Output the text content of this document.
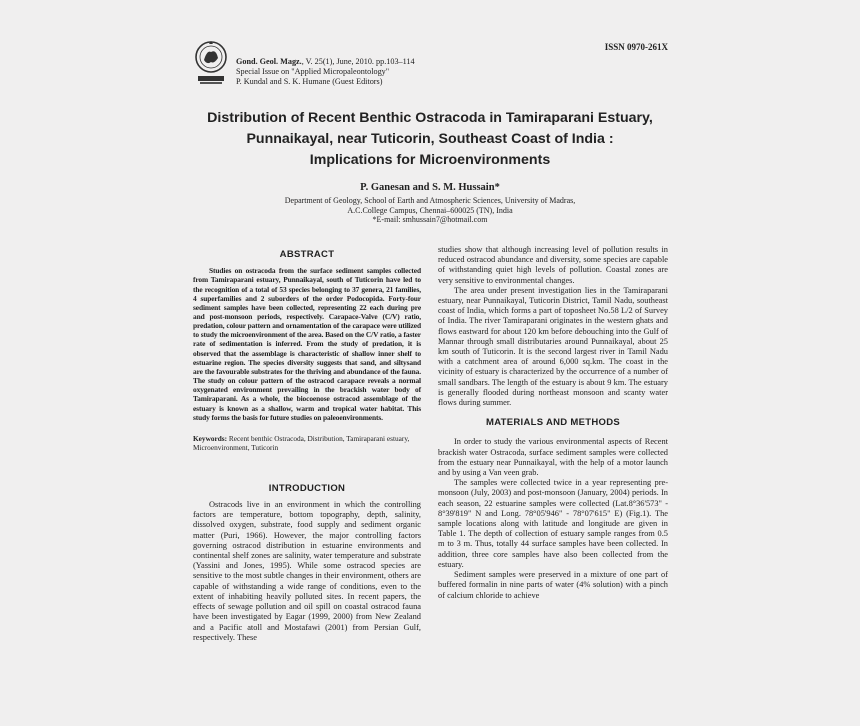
ISSN 0970-261X
Gond. Geol. Magz., V. 25(1), June, 2010. pp.103–114
Special Issue on "Applied Micropaleontology"
P. Kundal and S. K. Humane (Guest Editors)
Distribution of Recent Benthic Ostracoda in Tamiraparani Estuary,
Punnaikayal, near Tuticorin, Southeast Coast of India :
Implications for Microenvironments
P. Ganesan and S. M. Hussain*
Department of Geology, School of Earth and Atmospheric Sciences, University of Madras,
A.C.College Campus, Chennai–600025 (TN), India
*E-mail: smhussain7@hotmail.com
ABSTRACT

Studies on ostracoda from the surface sediment samples collected from Tamiraparani estuary, Punnaikayal, south of Tuticorin have led to the recognition of a total of 53 species belonging to 37 genera, 21 families, 4 superfamilies and 2 suborders of the order Podocopida. Forty-four sediment samples have been collected, representing 22 each during pre and post-monsoon periods, respectively. Carapace-Valve (C/V) ratio, predation, colour pattern and ornamentation of the carapace were utilized to study the microenvironment of the area. Based on the C/V ratio, a faster rate of sedimentation is inferred. From the study of predation, it is observed that the assemblage is characteristic of shallow inner shelf to estuarine region. The species diversity suggests that sand, and siltysand are the favourable substrates for the thriving and abundance of the fauna. The study on colour pattern of the ostracod carapace reveals a normal oxygenated environment prevailing in the brackish water body of Tamiraparani. As a whole, the biocoenose ostracod assemblage of the estuary is known as a shallow, warm and tropical water habitat. This study forms the basis for future studies on paleoenvironments.

Keywords: Recent benthic Ostracoda, Distribution, Tamiraparani estuary, Microenvironment, Tuticorin

INTRODUCTION

Ostracods live in an environment in which the controlling factors are temperature, bottom topography, depth, salinity, dissolved oxygen, substrate, food supply and sediment organic matter (Puri, 1966). However, the major controlling factors governing ostracod distribution in estuarine environments and continental shelf zones are salinity, water temperature and substrate (Yassini and Jones, 1995). While some ostracod species are sensitive to the most subtle changes in their environment, others are capable of withstanding a wide range of conditions, even to the extent of inhabiting heavily polluted sites. In recent papers, the effects of sewage pollution and oil spill on coastal ostracod fauna have been investigated by Eagar (1999, 2000) from New Zealand and a Pacific atoll and Mostafawi (2001) from Persian Gulf, respectively. These

studies show that although increasing level of pollution results in reduced ostracod abundance and diversity, some species are capable of withstanding quiet high levels of pollution. Coastal zones are very sensitive to environmental changes.

The area under present investigation lies in the Tamiraparani estuary, near Punnaikayal, Tuticorin District, Tamil Nadu, southeast coast of India, which forms a part of toposheet No.58 L/2 of Survey of India. The river Tamiraparani originates in the western ghats and flows eastward for about 120 km before debouching into the Gulf of Mannar through small distributaries around Punnaikayal, about 25 km south of Tuticorin. It is the second largest river in Tamil Nadu with a catchment area of around 6,000 sq.km. The coast in the vicinity of estuary is characterized by the occurrence of a number of small sandbars. The length of the estuary is about 9 km. The estuary is generally flooded during northeast monsoon and scanty water flows during summer.

MATERIALS AND METHODS

In order to study the various environmental aspects of Recent brackish water Ostracoda, surface sediment samples were collected from the estuary near Punnaikayal, with the help of a motor launch and by using a Van veen grab.

The samples were collected twice in a year representing pre-monsoon (July, 2003) and post-monsoon (January, 2004) periods. In each season, 22 estuarine samples were collected (Lat.8°36'573" - 8°39'819" N and Long. 78°05'946" - 78°07'615" E) (Fig.1). The sample locations along with latitude and longitude are given in Table 1. The depth of collection of estuary sample ranges from 0.5 m to 3 m. Thus, totally 44 surface samples have been collected. In addition, three core samples have also been collected from the estuary.

Sediment samples were preserved in a mixture of one part of buffered formalin in nine parts of water (4% solution) with a pinch of calcium chloride to achieve
